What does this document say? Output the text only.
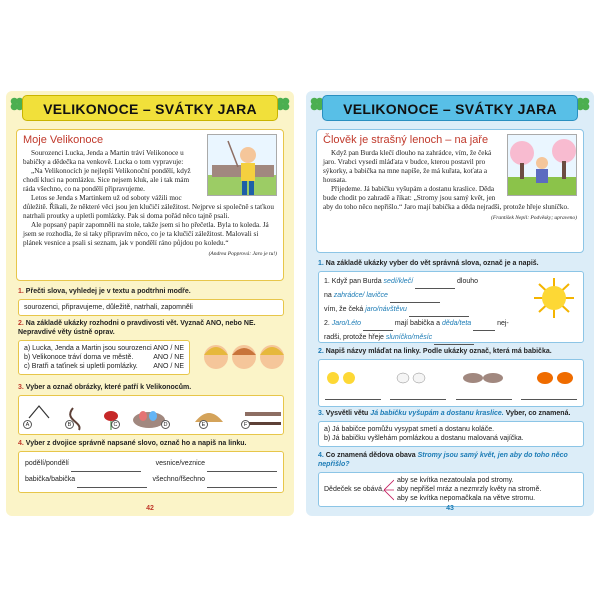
VELIKONOCE – SVÁTKY JARA
Moje Velikonoce

Sourozenci Lucka, Jenda a Martin tráví Velikonoce u babičky a dědečka na venkově. Lucka o tom vypravuje:

„Na Velikonocích je nejlepší Velikonoční pondělí, když chodí kluci na pomlázku. Sice nejsem kluk, ale i tak mám ráda všechno, co na pondělí připravujeme.

Letos se Jenda s Martinkem už od soboty vážili moc důležitě. Říkali, že některé věci jsou jen klučičí záležitost. Nejprve si společně s taťkou natrhali proutky a upletli pomlázky. Pak si doma pořád něco tajně psali.

Ale popsaný papír zapomněli na stole, takže jsem si ho přečetla. Byla to koleda. Já jsem se rozhodla, že si taky připravím něco, co je ta klučičí záležitost. Malovali si plánek vesnice a psali si seznam, jak v pondělí ráno půjdou po koledu.“

(Andrea Popprová: Jaro je tu!)
1. Přečti slova, vyhledej je v textu a podtrhni modře.
sourozenci, připravujeme, důležitě, natrhali, zapomněli
2. Na základě ukázky rozhodni o pravdivosti vět. Vyznač ANO, nebo NE. Nepravdivé věty ústně oprav.
a) Lucka, Jenda a Martin jsou sourozenci ANO / NE
b) Velikonoce tráví doma ve městě.	ANO / NE
c) Bratři a taťinek si upletli pomlázky. ANO / NE
3. Vyber a označ obrázky, které patří k Velikonocům.
A	B	C	D	E	F
4. Vyber z dvojice správně napsané slovo, označ ho a napiš na linku.
podělí/pondělí	vesnice/veznice
babička/babička	všechno/fšechno
42
VELIKONOCE – SVÁTKY JARA
Člověk je strašný lenoch – na jaře

Když pan Burda klečí dlouho na zahrádce, vím, že čeká jaro. Vrabci vysedí mláďata v budce, kterou postavil pro sýkorky, a babička na mne napíše, že má kuřata, koťata a housata.

Přijedeme. Já babičku vyšupám a dostanu kraslice. Děda bude chodit po zahradě a říkat: „Stromy jsou samý květ, jen aby do toho něco nepřišlo.“ Jaro mají babička a děda nejradši, protože hřeje sluníčko.

(František Nepil: Podvěsky; upraveno)
1. Na základě ukázky vyber do vět správná slova, označ je a napiš.
1. Když pan Burda sedí/klečí	dlouho
na zahrádce/ lavičce
vím, že čeká jaro/návštěvu
2. Jaro/Léto	mají babička a děda/teta	nej-
radši, protože hřeje sluníčko/měsíc
2. Napiš názvy mláďat na linky. Podle ukázky označ, která má babička.
3. Vysvětli větu Já babičku vyšupám a dostanu kraslice. Vyber, co znamená.
a) Já babičce pomůžu vysypat smetí a dostanu koláče.
b) Já babičku vyšlehám pomlázkou a dostanu malovaná vajíčka.
4. Co znamená dědova obava Stromy jsou samý květ, jen aby do toho něco nepřišlo?
Dědeček se obává,
aby se kvítka nezatoulala pod stromy.
aby nepřišel mráz a nezmrzly květy na stromě.
aby se kvítka nepomačkala na větve stromu.
43
